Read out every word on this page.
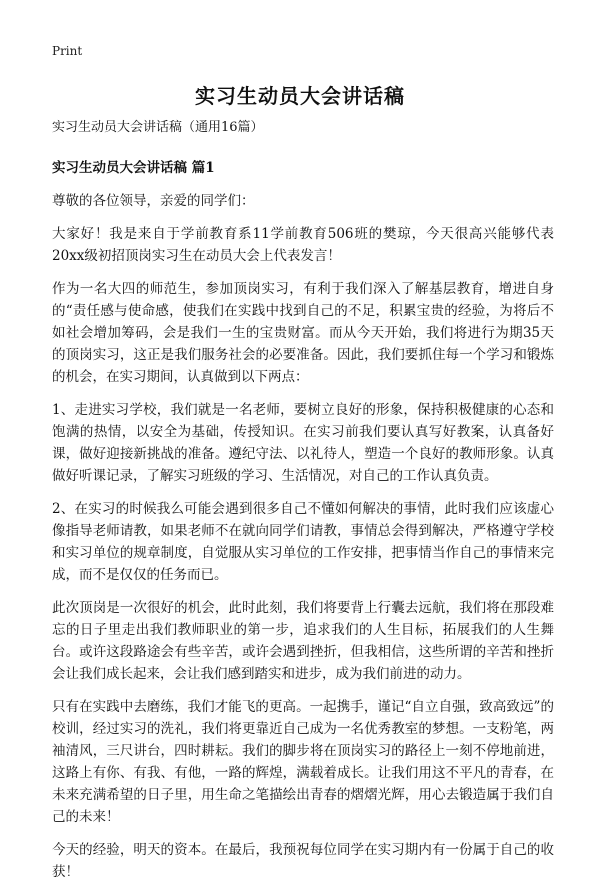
Print
实习生动员大会讲话稿

实习生动员大会讲话稿（通用16篇）

实习生动员大会讲话稿 篇1

尊敬的各位领导，亲爱的同学们：

大家好！我是来自于学前教育系11学前教育506班的樊琼，今天很高兴能够代表20xx级初招顶岗实习生在动员大会上代表发言！

作为一名大四的师范生，参加顶岗实习，有利于我们深入了解基层教育，增进自身的“责任感与使命感，使我们在实践中找到自己的不足，积累宝贵的经验，为将后不如社会增加筹码，会是我们一生的宝贵财富。而从今天开始，我们将进行为期35天的顶岗实习，这正是我们服务社会的必要准备。因此，我们要抓住每一个学习和锻炼的机会，在实习期间，认真做到以下两点：

1、走进实习学校，我们就是一名老师，要树立良好的形象，保持积极健康的心态和饱满的热情，以安全为基础，传授知识。在实习前我们要认真写好教案，认真备好课，做好迎接新挑战的准备。遵纪守法、以礼待人，塑造一个良好的教师形象。认真做好听课记录，了解实习班级的学习、生活情况，对自己的工作认真负责。

2、在实习的时候我么可能会遇到很多自己不懂如何解决的事情，此时我们应该虚心像指导老师请教，如果老师不在就向同学们请教，事情总会得到解决，严格遵守学校和实习单位的规章制度，自觉服从实习单位的工作安排，把事情当作自己的事情来完成，而不是仅仅的任务而已。

此次顶岗是一次很好的机会，此时此刻，我们将要背上行囊去远航，我们将在那段难忘的日子里走出我们教师职业的第一步，追求我们的人生目标，拓展我们的人生舞台。或许这段路途会有些辛苦，或许会遇到挫折，但我相信，这些所谓的辛苦和挫折会让我们成长起来，会让我们感到踏实和进步，成为我们前进的动力。

只有在实践中去磨练，我们才能飞的更高。一起携手，谨记“自立自强，致高致远”的校训，经过实习的洗礼，我们将更靠近自己成为一名优秀教室的梦想。一支粉笔，两袖清风，三尺讲台，四时耕耘。我们的脚步将在顶岗实习的路径上一刻不停地前进，这路上有你、有我、有他，一路的辉煌，满载着成长。让我们用这不平凡的青春，在未来充满希望的日子里，用生命之笔描绘出青春的熠熠光辉，用心去锻造属于我们自己的未来！

今天的经验，明天的资本。在最后，我预祝每位同学在实习期内有一份属于自己的收获！
